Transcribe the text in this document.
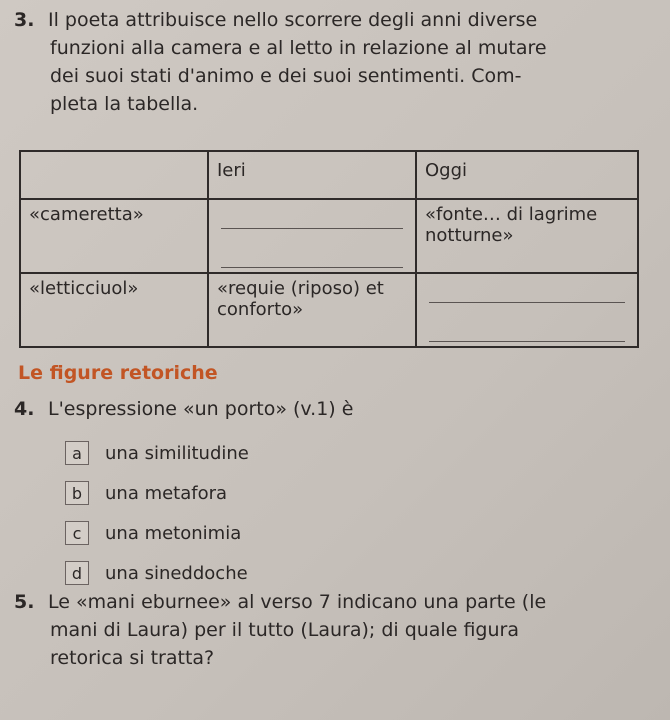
3. Il poeta attribuisce nello scorrere degli anni diverse
funzioni alla camera e al letto in relazione al mutare
dei suoi stati d'animo e dei suoi sentimenti. Com-
pleta la tabella.
	Ieri	Oggi
«cameretta»		«fonte… di lagrime notturne»
«letticciuol»	«requie (riposo) et conforto»	
Le figure retoriche
4. L'espressione «un porto» (v.1) è
a	una similitudine
b	una metafora
c	una metonimia
d	una sineddoche
5. Le «mani eburnee» al verso 7 indicano una parte (le
mani di Laura) per il tutto (Laura); di quale figura
retorica si tratta?
